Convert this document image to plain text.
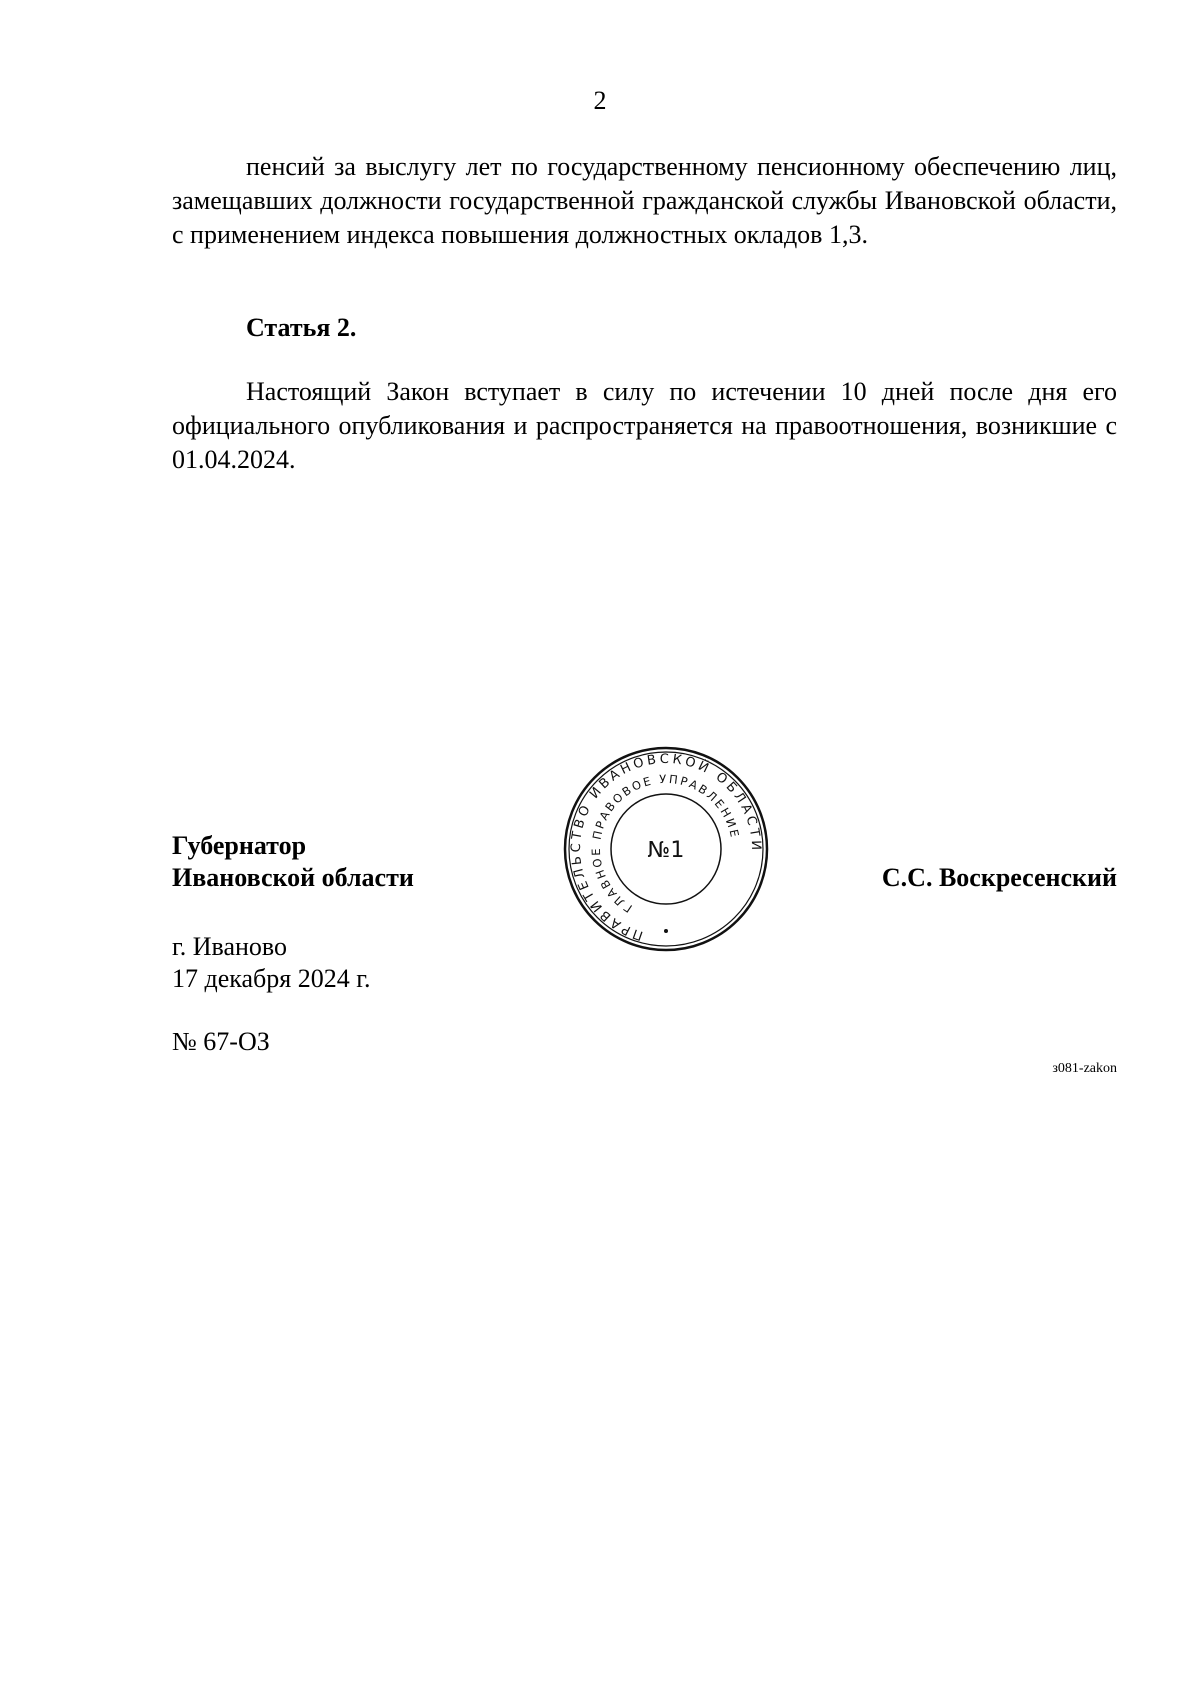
2

пенсий за выслугу лет по государственному пенсионному обеспечению лиц, замещавших должности государственной гражданской службы Ивановской области, с применением индекса повышения должностных окладов 1,3.

Статья 2.

Настоящий Закон вступает в силу по истечении 10 дней после дня его официального опубликования и распространяется на правоотношения, возникшие с 01.04.2024.

Губернатор
Ивановской области
ПРАВИТЕЛЬСТВО ИВАНОВСКОЙ ОБЛАСТИ
ГЛАВНОЕ ПРАВОВОЕ УПРАВЛЕНИЕ
№1
С.С. Воскресенский
г. Иваново
17 декабря 2024 г.
№ 67-ОЗ
з081-zakon
